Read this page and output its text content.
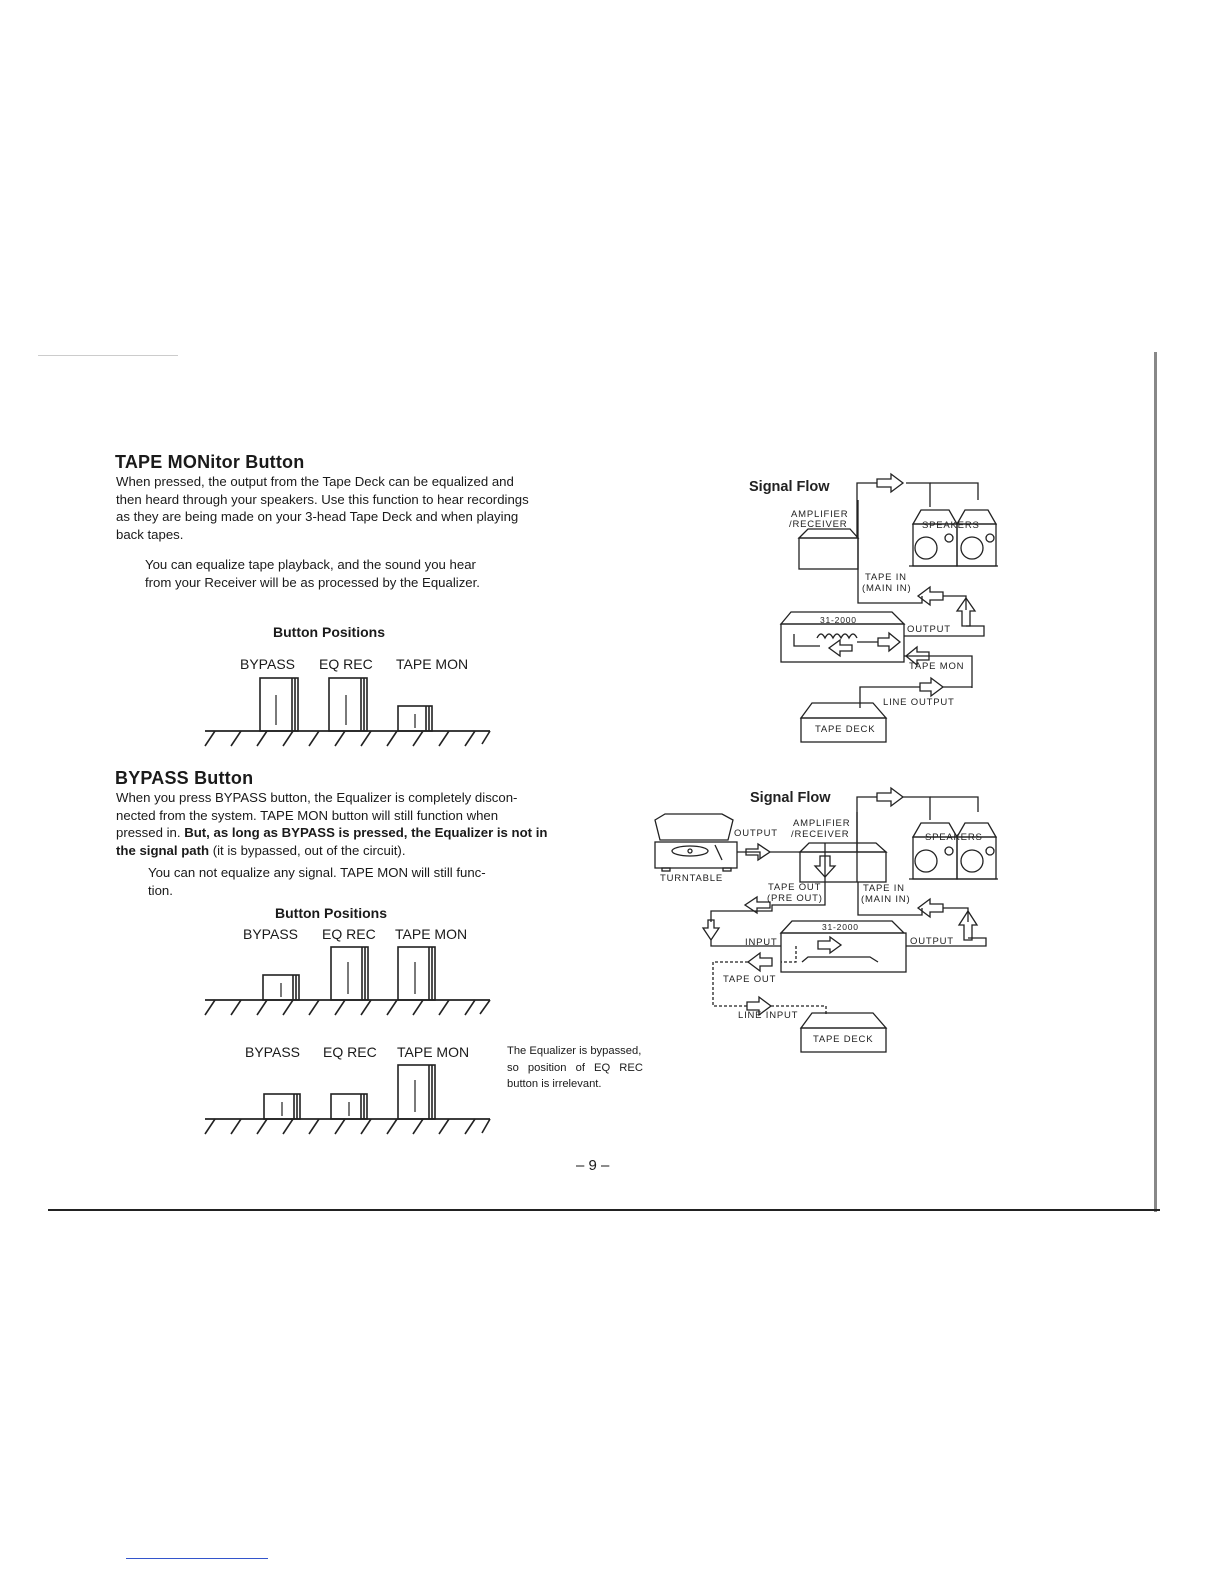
TAPE MONitor Button
When pressed, the output from the Tape Deck can be equalized and
then heard through your speakers. Use this function to hear recordings
as they are being made on your 3-head Tape Deck and when playing
back tapes.
You can equalize tape playback, and the sound you hear
from your Receiver will be as processed by the Equalizer.
Button Positions
BYPASS EQ REC TAPE MON
BYPASS Button
When you press BYPASS button, the Equalizer is completely discon-
nected from the system. TAPE MON button will still function when
pressed in. But, as long as BYPASS is pressed, the Equalizer is not in
the signal path (it is bypassed, out of the circuit).
You can not equalize any signal. TAPE MON will still func-
tion.
Button Positions
BYPASS EQ REC TAPE MON
BYPASS EQ REC TAPE MON	The Equalizer is bypassed,
so position of EQ REC
button is irrelevant.
Signal Flow
AMPLIFIER
/RECEIVER	SPEAKERS
TAPE IN
(MAIN IN)
31-2000
OUTPUT
TAPE MON
LINE OUTPUT
TAPE DECK
Signal Flow
AMPLIFIER
/RECEIVER
OUTPUT	SPEAKERS
TURNTABLE
TAPE OUT
(PRE OUT)
TAPE IN
(MAIN IN)
INPUT
31-2000
OUTPUT
TAPE OUT
LINE INPUT
TAPE DECK
– 9 –
